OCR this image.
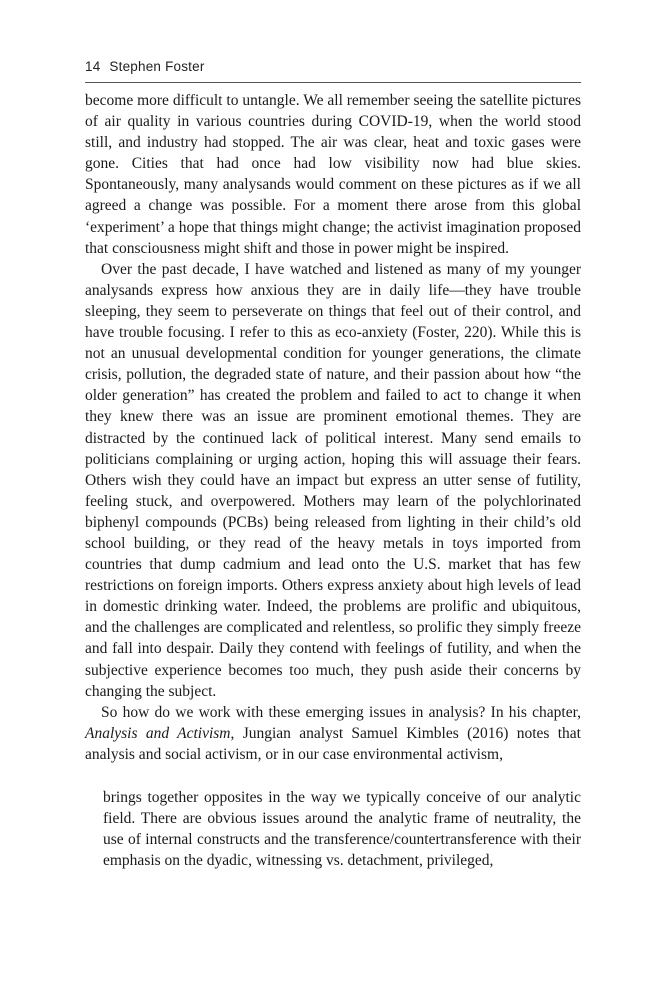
14 Stephen Foster

become more difficult to untangle. We all remember seeing the satellite pictures of air quality in various countries during COVID-19, when the world stood still, and industry had stopped. The air was clear, heat and toxic gases were gone. Cities that had once had low visibility now had blue skies. Spontaneously, many analysands would comment on these pictures as if we all agreed a change was possible. For a moment there arose from this global ‘experiment’ a hope that things might change; the activist imagination proposed that consciousness might shift and those in power might be inspired.

Over the past decade, I have watched and listened as many of my younger analysands express how anxious they are in daily life—they have trouble sleeping, they seem to perseverate on things that feel out of their control, and have trouble focusing. I refer to this as eco-anxiety (Foster, 220). While this is not an unusual developmental condition for younger generations, the climate crisis, pollution, the degraded state of nature, and their passion about how “the older generation” has created the problem and failed to act to change it when they knew there was an issue are prominent emotional themes. They are distracted by the continued lack of political interest. Many send emails to politicians complaining or urging action, hoping this will assuage their fears. Others wish they could have an impact but express an utter sense of futility, feeling stuck, and overpowered. Mothers may learn of the polychlorinated biphenyl compounds (PCBs) being released from lighting in their child’s old school building, or they read of the heavy metals in toys imported from countries that dump cadmium and lead onto the U.S. market that has few restrictions on foreign imports. Others express anxiety about high levels of lead in domestic drinking water. Indeed, the problems are prolific and ubiquitous, and the challenges are complicated and relentless, so prolific they simply freeze and fall into despair. Daily they contend with feelings of futility, and when the subjective experience becomes too much, they push aside their concerns by changing the subject.

So how do we work with these emerging issues in analysis? In his chapter, Analysis and Activism, Jungian analyst Samuel Kimbles (2016) notes that analysis and social activism, or in our case environmental activism,

brings together opposites in the way we typically conceive of our analytic field. There are obvious issues around the analytic frame of neutrality, the use of internal constructs and the transference/countertransference with their emphasis on the dyadic, witnessing vs. detachment, privileged,
